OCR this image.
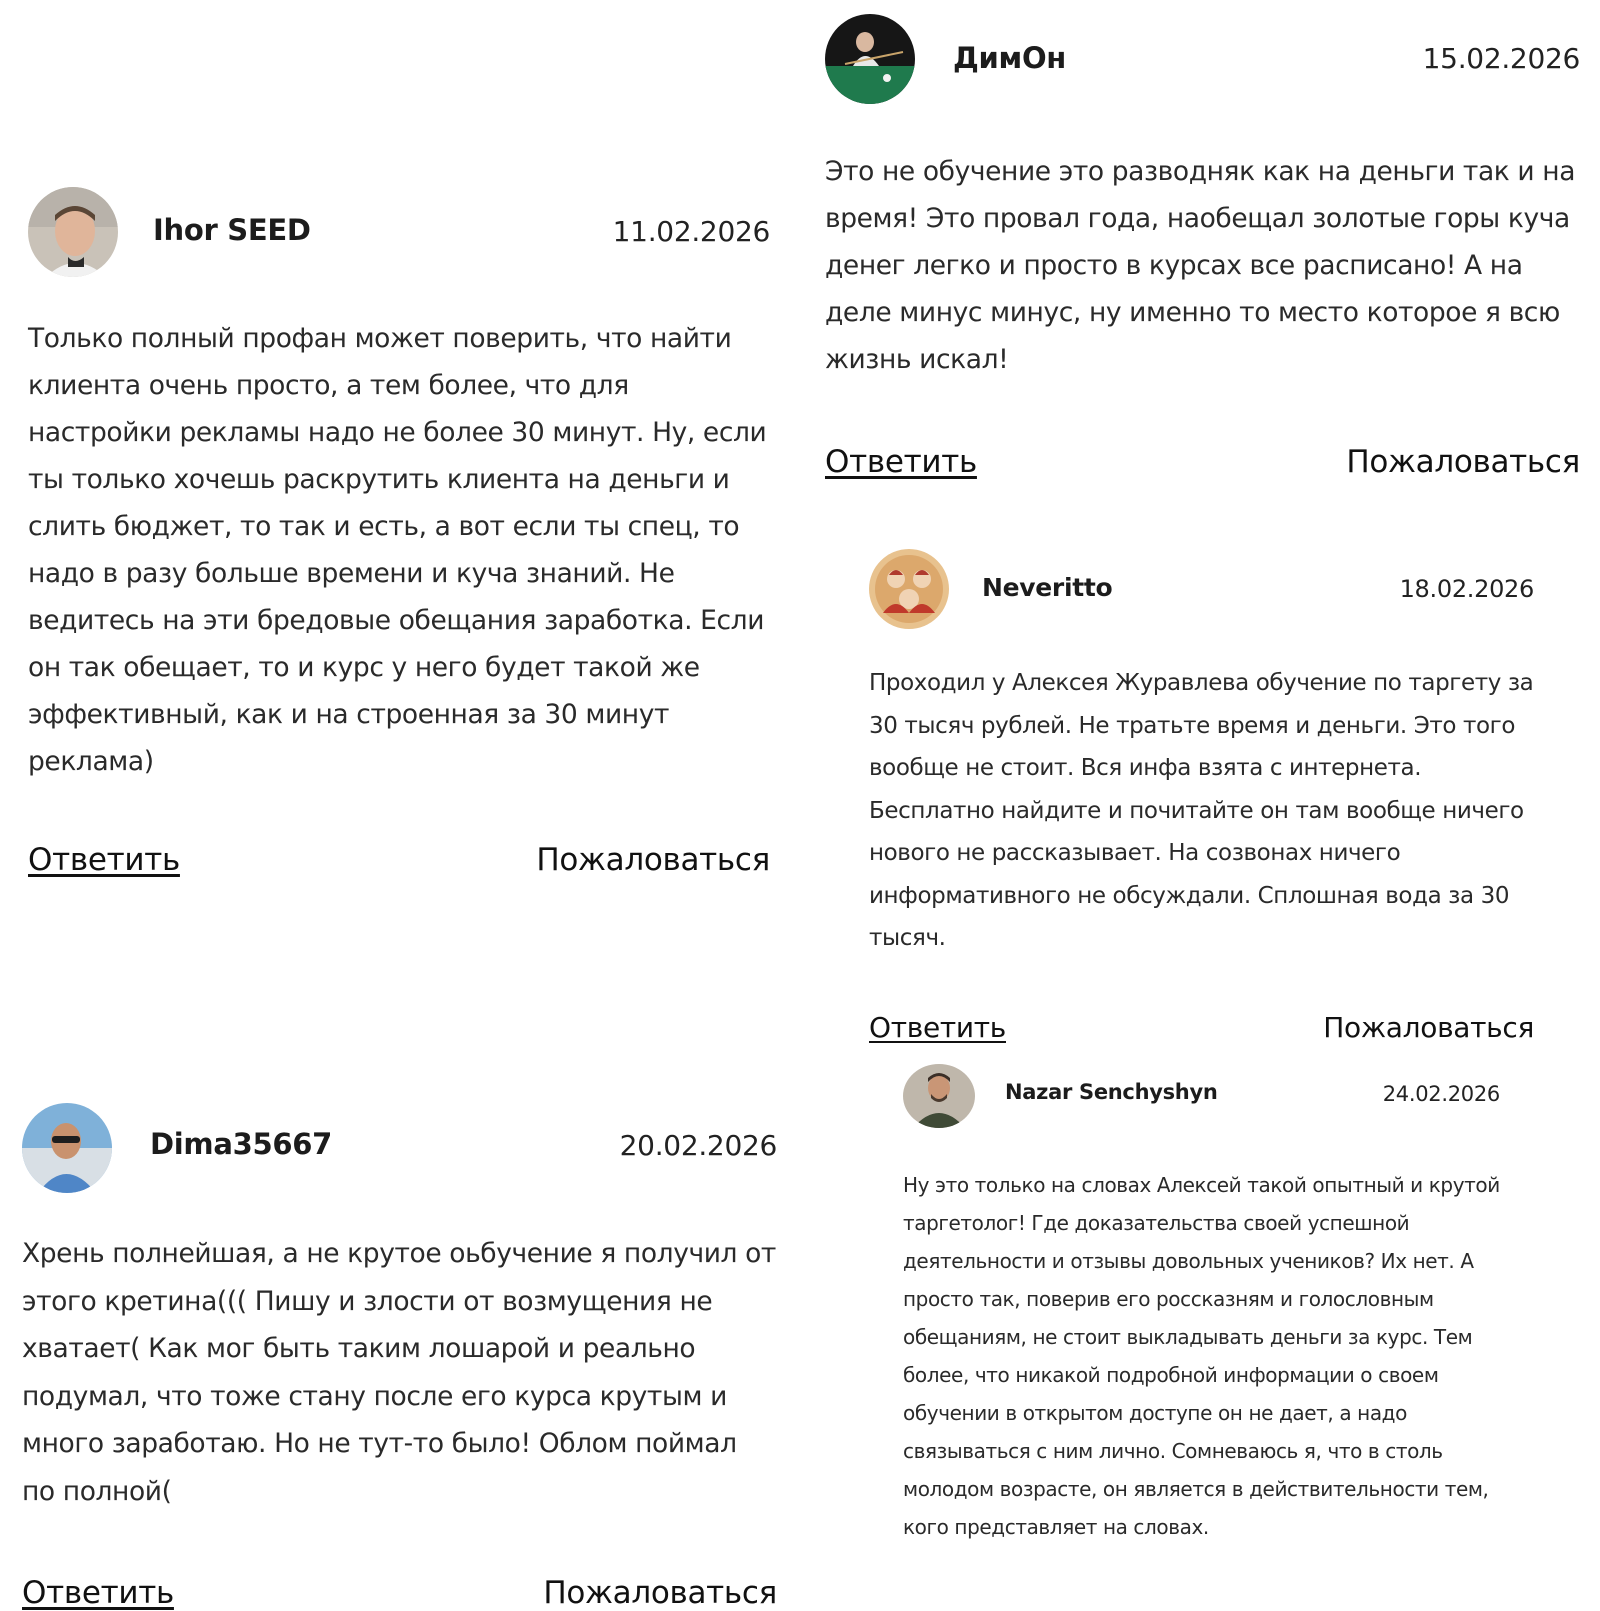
Ihor SEED	11.02.2026

Только полный профан может поверить, что найти клиента очень просто, а тем более, что для настройки рекламы надо не более 30 минут. Ну, если ты только хочешь раскрутить клиента на деньги и слить бюджет, то так и есть, а вот если ты спец, то надо в разу больше времени и куча знаний. Не ведитесь на эти бредовые обещания заработка. Если он так обещает, то и курс у него будет такой же эффективный, как и на строенная за 30 минут реклама)

Ответить	Пожаловаться
Dima35667	20.02.2026

Хрень полнейшая, а не крутое оьбучение я получил от этого кретина((( Пишу и злости от возмущения не хватает( Как мог быть таким лошарой и реально подумал, что тоже стану после его курса крутым и много заработаю. Но не тут-то было! Облом поймал по полной(

Ответить	Пожаловаться
ДимОн	15.02.2026

Это не обучение это разводняк как на деньги так и на время! Это провал года, наобещал золотые горы куча денег легко и просто в курсах все расписано! А на деле минус минус, ну именно то место которое я всю жизнь искал!

Ответить	Пожаловаться
Neveritto	18.02.2026

Проходил у Алексея Журавлева обучение по таргету за 30 тысяч рублей. Не тратьте время и деньги. Это того вообще не стоит. Вся инфа взята с интернета. Бесплатно найдите и почитайте он там вообще ничего нового не рассказывает. На созвонах ничего информативного не обсуждали. Сплошная вода за 30 тысяч.

Ответить	Пожаловаться
Nazar Senchyshyn	24.02.2026

Ну это только на словах Алексей такой опытный и крутой таргетолог! Где доказательства своей успешной деятельности и отзывы довольных учеников? Их нет. А просто так, поверив его россказням и голословным обещаниям, не стоит выкладывать деньги за курс. Тем более, что никакой подробной информации о своем обучении в открытом доступе он не дает, а надо связываться с ним лично. Сомневаюсь я, что в столь молодом возрасте, он является в действительности тем, кого представляет на словах.
